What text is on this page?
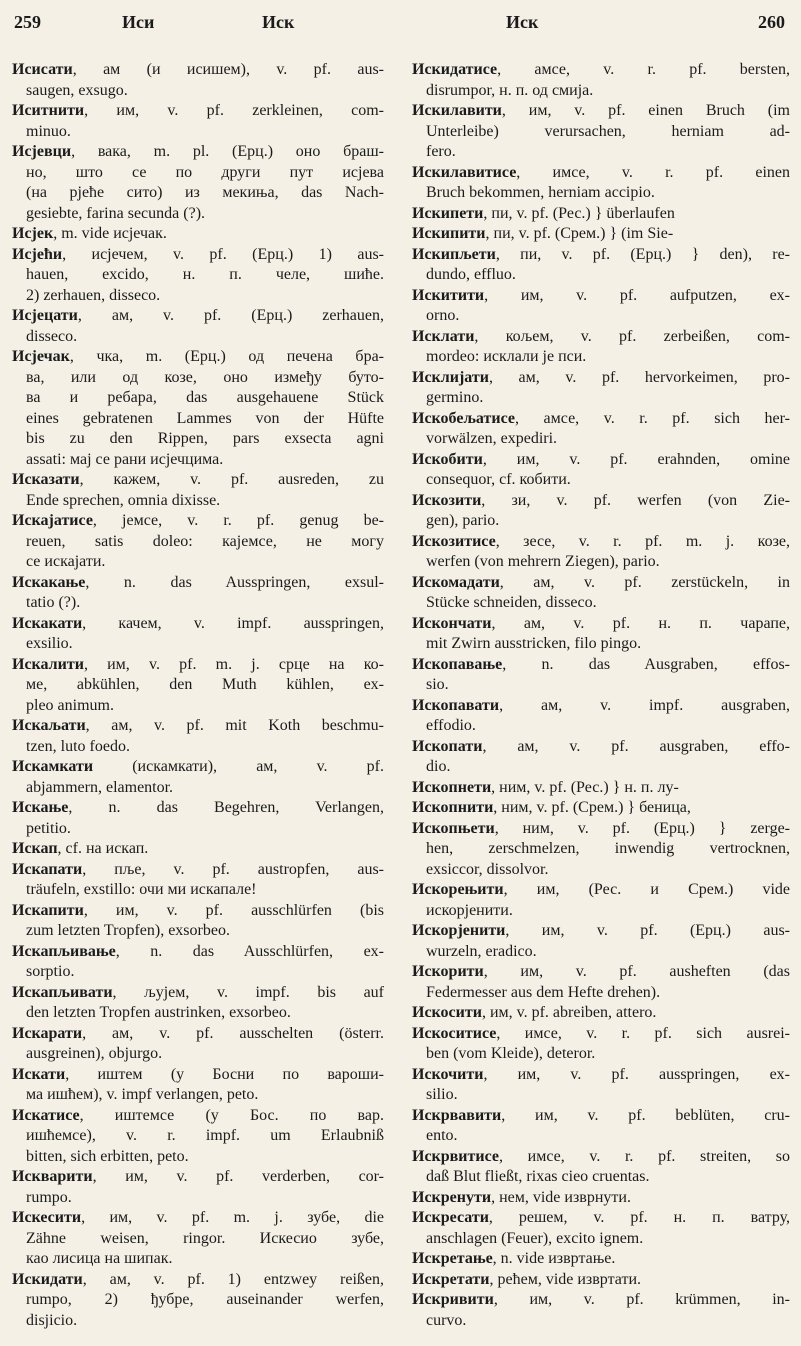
259	Иси	Иск	Иск	260
Исисати, ам (и исишем), v. pf. aus-
saugen, exsugo.
Иситнити, им, v. pf. zerkleinen, com-
minuo.
Исјевци, вака, m. pl. (Ерц.) оно браш-
но, што се по други пут исјева
(на рјеће сито) из мекиња, das Nach-
gesiebte, farina secunda (?).
Исјек, m. vide исјечак.
Исјећи, исјечем, v. pf. (Ерц.) 1) aus-
hauen, excido, н. п. челе, шиће.
2) zerhauen, disseco.
Исјецати, ам, v. pf. (Ерц.) zerhauen,
disseco.
Исјечак, чка, m. (Ерц.) од печена бра-
ва, или од козе, оно између буто-
ва и ребара, das ausgehauene Stück
eines gebratenen Lammes von der Hüfte
bis zu den Rippen, pars exsecta agni
assati: мај се рани исјечцима.
Исказати, кажем, v. pf. ausreden, zu
Ende sprechen, omnia dixisse.
Искајатисе, јемсе, v. r. pf. genug be-
reuen, satis doleo: кајемсе, не могу
се искајати.
Искакање, n. das Ausspringen, exsul-
tatio (?).
Искакати, качем, v. impf. ausspringen,
exsilio.
Искалити, им, v. pf. m. j. срце на ко-
ме, abkühlen, den Muth kühlen, ex-
pleo animum.
Искаљати, ам, v. pf. mit Koth beschmu-
tzen, luto foedo.
Искамкати (искамкати), ам, v. pf.
abjammern, elamentor.
Искање, n. das Begehren, Verlangen,
petitio.
Искап, cf. на искап.
Искапати, пље, v. pf. austropfen, aus-
träufeln, exstillo: очи ми искапале!
Искапити, им, v. pf. ausschlürfen (bis
zum letzten Tropfen), exsorbeo.
Искапљивање, n. das Ausschlürfen, ex-
sorptio.
Искапљивати, љујем, v. impf. bis auf
den letzten Tropfen austrinken, exsorbeo.
Искарати, ам, v. pf. ausschelten (österr.
ausgreinen), objurgo.
Искати, иштем (у Босни по вароши-
ма ишћем), v. impf verlangen, peto.
Искатисе, иштемсе (у Бос. по вар.
ишћемсе), v. r. impf. um Erlaubniß
bitten, sich erbitten, peto.
Искварити, им, v. pf. verderben, cor-
rumpo.
Искесити, им, v. pf. m. j. зубе, die
Zähne weisen, ringor. Искесио зубе,
као лисица на шипак.
Искидати, ам, v. pf. 1) entzwey reißen,
rumpo, 2) ђубре, auseinander werfen,
disjicio.
Искидатисе, амсе, v. r. pf. bersten,
disrumpor, н. п. од смија.
Искилавити, им, v. pf. einen Bruch (im
Unterleibe) verursachen, herniam ad-
fero.
Искилавитисе, имсе, v. r. pf. einen
Bruch bekommen, herniam accipio.
Искипети, пи, v. pf. (Рес.) } überlaufen
Искипити, пи, v. pf. (Срем.) } (im Sie-
Искипљети, пи, v. pf. (Ерц.) } den), re-
dundo, effluo.
Искитити, им, v. pf. aufputzen, ex-
orno.
Исклати, кољем, v. pf. zerbeißen, com-
mordeo: исклали је пси.
Исклијати, ам, v. pf. hervorkeimen, pro-
germino.
Искобељатисе, амсе, v. r. pf. sich her-
vorwälzen, expediri.
Искобити, им, v. pf. erahnden, omine
consequor, cf. кобити.
Искозити, зи, v. pf. werfen (von Zie-
gen), pario.
Искозитисе, зесе, v. r. pf. m. j. козе,
werfen (von mehrern Ziegen), pario.
Искомадати, ам, v. pf. zerstückeln, in
Stücke schneiden, disseco.
Искончати, ам, v. pf. н. п. чарапе,
mit Zwirn ausstricken, filo pingo.
Ископавање, n. das Ausgraben, effos-
sio.
Ископавати, ам, v. impf. ausgraben,
effodio.
Ископати, ам, v. pf. ausgraben, effo-
dio.
Ископнети, ним, v. pf. (Рес.) } н. п. лу-
Ископнити, ним, v. pf. (Срем.) } беница,
Ископњети, ним, v. pf. (Ерц.) } zerge-
hen, zerschmelzen, inwendig vertrocknen,
exsiccor, dissolvor.
Искорењити, им, (Рес. и Срем.) vide
искорјенити.
Искорјенити, им, v. pf. (Ерц.) aus-
wurzeln, eradico.
Искорити, им, v. pf. ausheften (das
Federmesser aus dem Hefte drehen).
Искосити, им, v. pf. abreiben, attero.
Искоситисе, имсе, v. r. pf. sich ausrei-
ben (vom Kleide), deteror.
Искочити, им, v. pf. ausspringen, ex-
silio.
Искрвавити, им, v. pf. beblüten, cru-
ento.
Искрвитисе, имсе, v. r. pf. streiten, so
daß Blut fließt, rixas cieo cruentas.
Искренути, нем, vide изврнути.
Искресати, решем, v. pf. н. п. ватру,
anschlagen (Feuer), excito ignem.
Искретање, n. vide извртање.
Искретати, рећем, vide извртати.
Искривити, им, v. pf. krümmen, in-
curvo.
